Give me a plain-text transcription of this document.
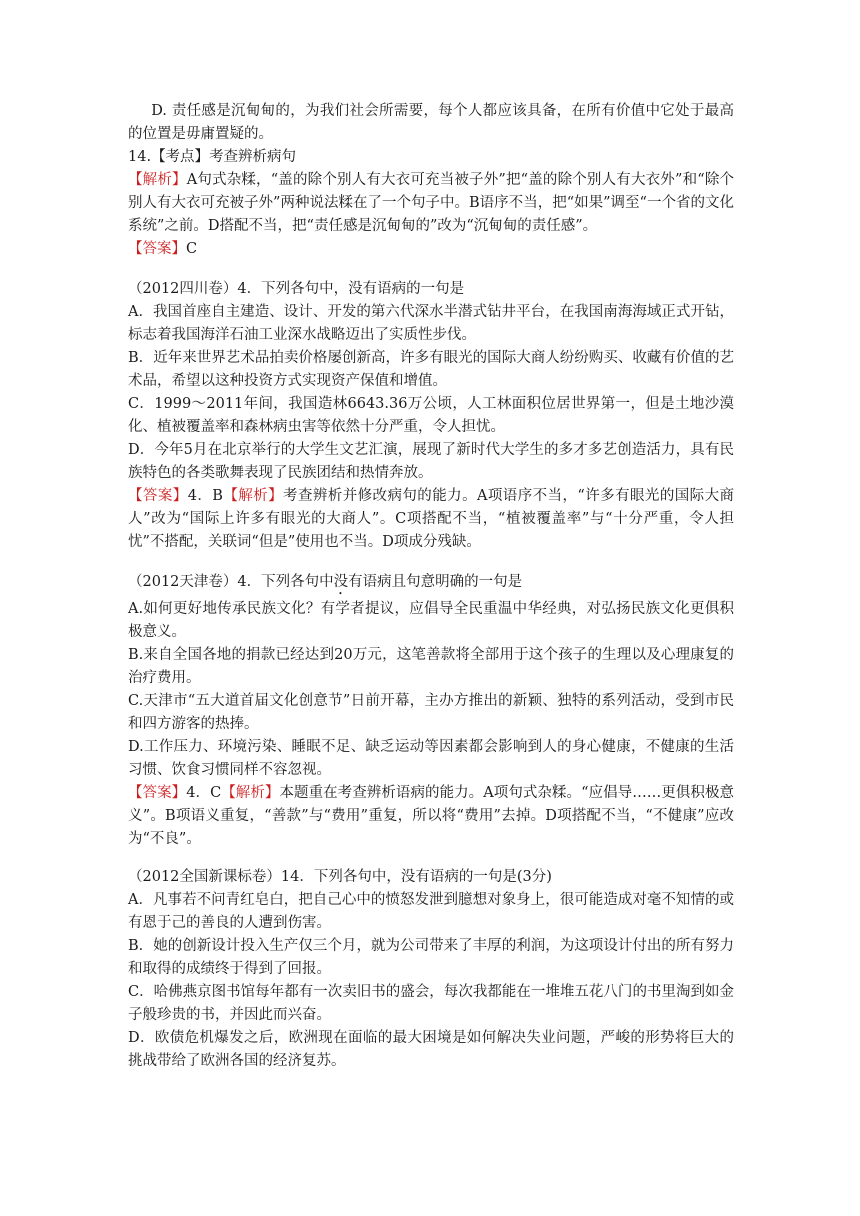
D. 责任感是沉甸甸的，为我们社会所需要，每个人都应该具备，在所有价值中它处于最高的位置是毋庸置疑的。

14.【考点】考查辨析病句

【解析】A句式杂糅，“盖的除个别人有大衣可充当被子外”把“盖的除个别人有大衣外”和“除个别人有大衣可充被子外”两种说法糅在了一个句子中。B语序不当，把“如果”调至“一个省的文化系统”之前。D搭配不当，把“责任感是沉甸甸的”改为“沉甸甸的责任感”。

【答案】C

（2012四川卷）4．下列各句中，没有语病的一句是

A．我国首座自主建造、设计、开发的第六代深水半潜式钻井平台，在我国南海海域正式开钻，标志着我国海洋石油工业深水战略迈出了实质性步伐。

B．近年来世界艺术品拍卖价格屡创新高，许多有眼光的国际大商人纷纷购买、收藏有价值的艺术品，希望以这种投资方式实现资产保值和增值。

C．1999～2011年间，我国造林6643.36万公顷，人工林面积位居世界第一，但是土地沙漠化、植被覆盖率和森林病虫害等依然十分严重，令人担忧。

D．今年5月在北京举行的大学生文艺汇演，展现了新时代大学生的多才多艺创造活力，具有民族特色的各类歌舞表现了民族团结和热情奔放。

【答案】4．B【解析】考查辨析并修改病句的能力。A项语序不当，“许多有眼光的国际大商人”改为“国际上许多有眼光的大商人”。C项搭配不当，“植被覆盖率”与“十分严重，令人担忧”不搭配，关联词“但是”使用也不当。D项成分残缺。

（2012天津卷）4．下列各句中没有语病且句意明确的一句是

A.如何更好地传承民族文化？有学者提议，应倡导全民重温中华经典，对弘扬民族文化更俱积极意义。

B.来自全国各地的捐款已经达到20万元，这笔善款将全部用于这个孩子的生理以及心理康复的治疗费用。

C.天津市“五大道首届文化创意节”日前开幕，主办方推出的新颖、独特的系列活动，受到市民和四方游客的热捧。

D.工作压力、环境污染、睡眠不足、缺乏运动等因素都会影响到人的身心健康，不健康的生活习惯、饮食习惯同样不容忽视。

【答案】4．C【解析】本题重在考查辨析语病的能力。A项句式杂糅。“应倡导……更俱积极意义”。B项语义重复，“善款”与“费用”重复，所以将“费用”去掉。D项搭配不当，“不健康”应改为“不良”。

（2012全国新课标卷）14．下列各句中，没有语病的一句是(3分)

A．凡事若不问青红皂白，把自己心中的愤怒发泄到臆想对象身上，很可能造成对毫不知情的或有恩于己的善良的人遭到伤害。

B．她的创新设计投入生产仅三个月，就为公司带来了丰厚的利润，为这项设计付出的所有努力和取得的成绩终于得到了回报。

C．哈佛燕京图书馆每年都有一次卖旧书的盛会，每次我都能在一堆堆五花八门的书里淘到如金子般珍贵的书，并因此而兴奋。

D．欧债危机爆发之后，欧洲现在面临的最大困境是如何解决失业问题，严峻的形势将巨大的挑战带给了欧洲各国的经济复苏。
